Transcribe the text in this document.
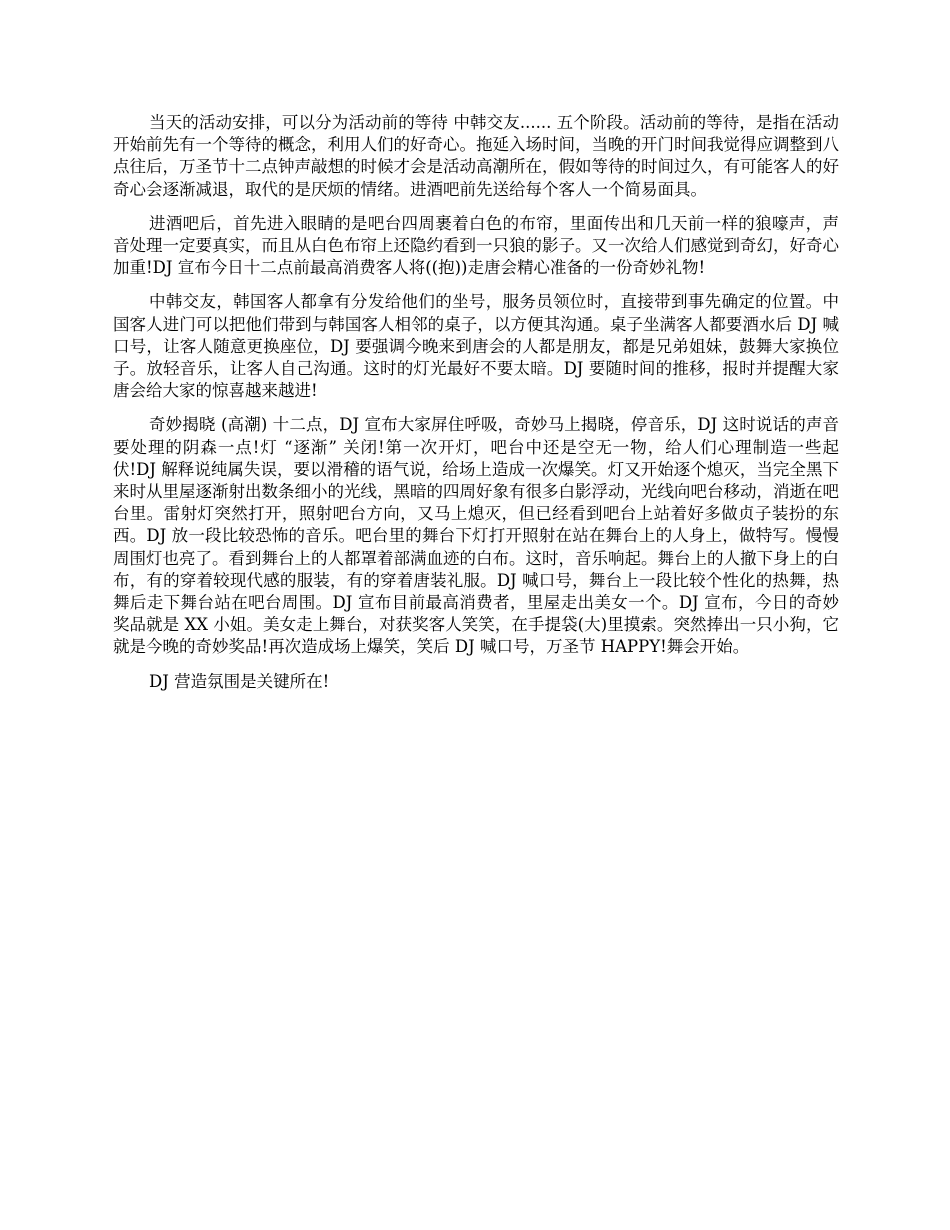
当天的活动安排，可以分为活动前的等待 中韩交友...... 五个阶段。活动前的等待，是指在活动开始前先有一个等待的概念，利用人们的好奇心。拖延入场时间，当晚的开门时间我觉得应调整到八点往后，万圣节十二点钟声敲想的时候才会是活动高潮所在，假如等待的时间过久，有可能客人的好奇心会逐渐减退，取代的是厌烦的情绪。进酒吧前先送给每个客人一个简易面具。

进酒吧后，首先进入眼睛的是吧台四周裹着白色的布帘，里面传出和几天前一样的狼嚎声，声音处理一定要真实，而且从白色布帘上还隐约看到一只狼的影子。又一次给人们感觉到奇幻，好奇心加重!DJ 宣布今日十二点前最高消费客人将((抱))走唐会精心准备的一份奇妙礼物!

中韩交友，韩国客人都拿有分发给他们的坐号，服务员领位时，直接带到事先确定的位置。中国客人进门可以把他们带到与韩国客人相邻的桌子，以方便其沟通。桌子坐满客人都要酒水后 DJ 喊口号，让客人随意更换座位，DJ 要强调今晚来到唐会的人都是朋友，都是兄弟姐妹，鼓舞大家换位子。放轻音乐，让客人自己沟通。这时的灯光最好不要太暗。DJ 要随时间的推移，报时并提醒大家唐会给大家的惊喜越来越进!

奇妙揭晓 (高潮) 十二点，DJ 宣布大家屏住呼吸，奇妙马上揭晓，停音乐，DJ 这时说话的声音要处理的阴森一点!灯 “逐渐” 关闭!第一次开灯，吧台中还是空无一物，给人们心理制造一些起伏!DJ 解释说纯属失误，要以滑稽的语气说，给场上造成一次爆笑。灯又开始逐个熄灭，当完全黑下来时从里屋逐渐射出数条细小的光线，黑暗的四周好象有很多白影浮动，光线向吧台移动，消逝在吧台里。雷射灯突然打开，照射吧台方向，又马上熄灭，但已经看到吧台上站着好多做贞子装扮的东西。DJ 放一段比较恐怖的音乐。吧台里的舞台下灯打开照射在站在舞台上的人身上，做特写。慢慢周围灯也亮了。看到舞台上的人都罩着部满血迹的白布。这时，音乐响起。舞台上的人撤下身上的白布，有的穿着较现代感的服装，有的穿着唐装礼服。DJ 喊口号，舞台上一段比较个性化的热舞，热舞后走下舞台站在吧台周围。DJ 宣布目前最高消费者，里屋走出美女一个。DJ 宣布，今日的奇妙奖品就是 XX 小姐。美女走上舞台，对获奖客人笑笑，在手提袋(大)里摸索。突然捧出一只小狗，它就是今晚的奇妙奖品!再次造成场上爆笑，笑后 DJ 喊口号，万圣节 HAPPY!舞会开始。

DJ 营造氛围是关键所在!
